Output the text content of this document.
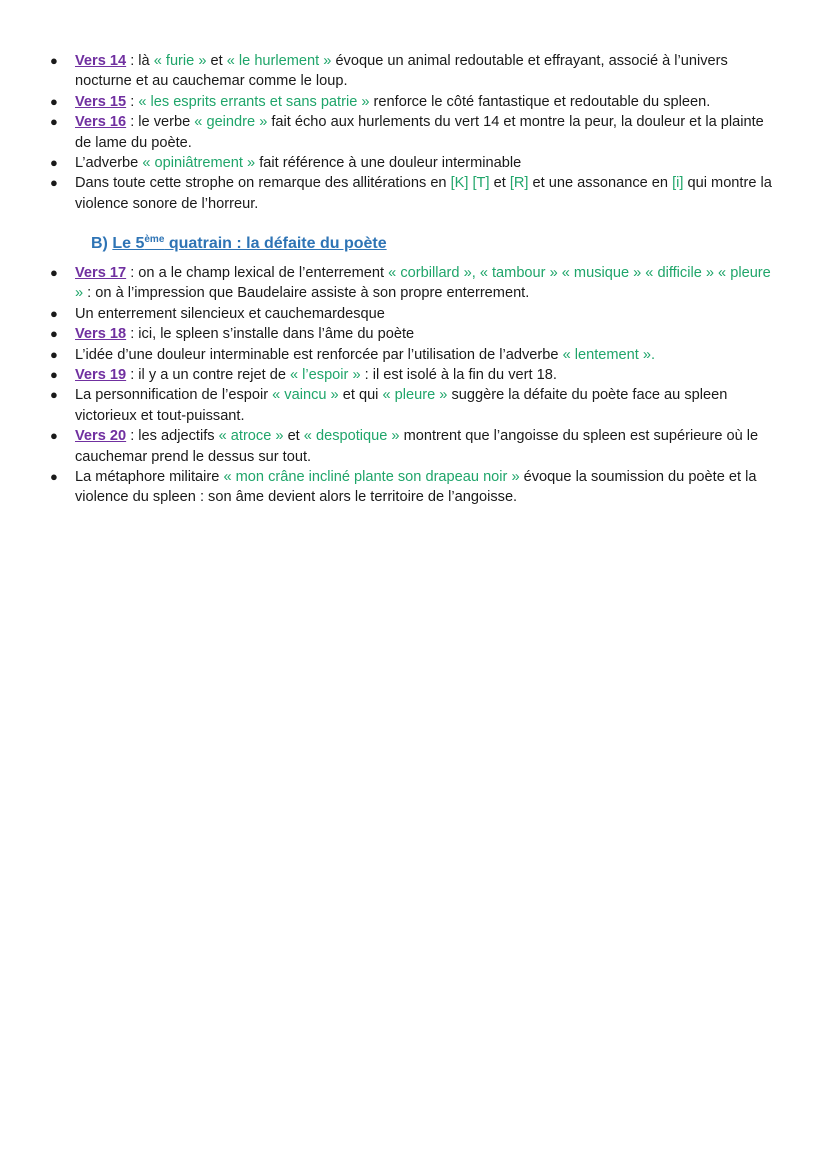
● Vers 14 : là « furie » et « le hurlement » évoque un animal redoutable et effrayant, associé à l’univers nocturne et au cauchemar comme le loup.
● Vers 15 : « les esprits errants et sans patrie » renforce le côté fantastique et redoutable du spleen.
● Vers 16 : le verbe « geindre » fait écho aux hurlements du vert 14 et montre la peur, la douleur et la plainte de lame du poète.
● L’adverbe « opiniâtrement » fait référence à une douleur interminable
● Dans toute cette strophe on remarque des allitérations en [K] [T] et [R] et une assonance en [i] qui montre la violence sonore de l’horreur.
B) Le 5ème quatrain : la défaite du poète
● Vers 17 : on a le champ lexical de l’enterrement « corbillard », « tambour » « musique » « difficile » « pleure » : on à l’impression que Baudelaire assiste à son propre enterrement.
● Un enterrement silencieux et cauchemardesque
● Vers 18 : ici, le spleen s’installe dans l’âme du poète
● L’idée d’une douleur interminable est renforcée par l’utilisation de l’adverbe « lentement ».
● Vers 19 : il y a un contre rejet de « l’espoir » : il est isolé à la fin du vert 18.
● La personnification de l’espoir « vaincu » et qui « pleure » suggère la défaite du poète face au spleen victorieux et tout-puissant.
● Vers 20 : les adjectifs « atroce » et « despotique » montrent que l’angoisse du spleen est supérieure où le cauchemar prend le dessus sur tout.
● La métaphore militaire « mon crâne incliné plante son drapeau noir » évoque la soumission du poète et la violence du spleen : son âme devient alors le territoire de l’angoisse.
